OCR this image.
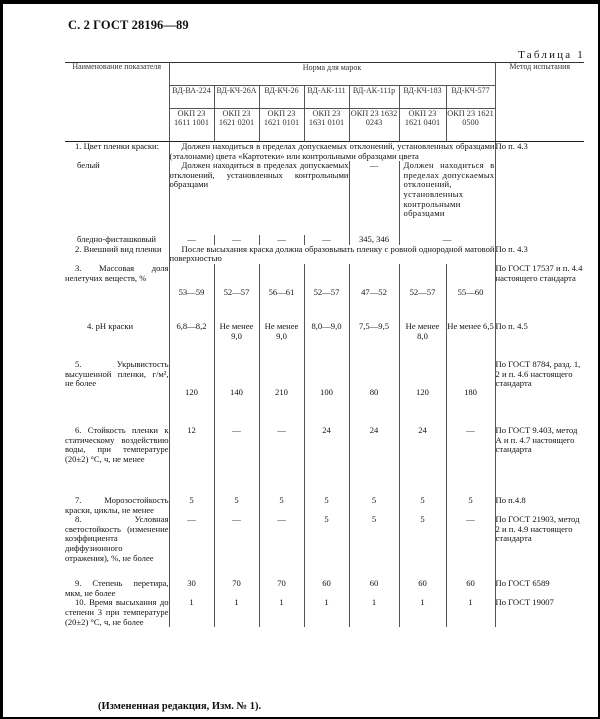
С. 2 ГОСТ 28196—89
Таблица 1
Наименование показателя	Норма для марок							Метод испытания
	ВД-ВА-224	ВД-КЧ-26А	ВД-КЧ-26	ВД-АК-111	ВД-АК-111р	ВД-КЧ-183	ВД-КЧ-577	
	ОКП 23 1611 1001	ОКП 23 1621 0201	ОКП 23 1621 0101	ОКП 23 1631 0101	ОКП 23 1632 0243	ОКП 23 1621 0401	ОКП 23 1621 0500	
1. Цвет пленки краски:	Должен находиться в пределах допускаемых отклонений, установленных образцами (эталонами) цвета «Картотеки» или контрольными образцами цвета							По п. 4.3
белый	Должен находиться в пределах допускаемых отклонений, установленных контрольными образцами				—	Должен находиться в пределах допускаемых отклонений, установленных контрольными образцами		
бледно-фисташковый	—	—	—	—	345, 346	—		
2. Внешний вид пленки	После высыхания краска должна образовывать пленку с ровной однородной матовой поверхностью							По п. 4.3
3. Массовая доля нелетучих веществ, %	53—59	52—57	56—61	52—57	47—52	52—57	55—60	По ГОСТ 17537 и п. 4.4 настоящего стандарта
4. pH краски	6,8—8,2	Не менее 9,0	Не менее 9,0	8,0—9,0	7,5—9,5	Не менее 8,0	Не менее 6,5	По п. 4.5
5. Укрывистость высушенной пленки, г/м², не более	120	140	210	100	80	120	180	По ГОСТ 8784, разд. 1, 2 и п. 4.6 настоящего стандарта
6. Стойкость пленки к статическому воздействию воды, при температуре (20±2) °С, ч, не менее	12	—	—	24	24	24	—	По ГОСТ 9.403, метод А и п. 4.7 настоящего стандарта
7. Морозостойкость краски, циклы, не менее	5	5	5	5	5	5	5	По п.4.8
8. Условная светостойкость (изменение коэффициента диффузионного отражения), %, не более	—	—	—	5	5	5	—	По ГОСТ 21903, метод 2 и п. 4.9 настоящего стандарта
9. Степень перетира, мкм, не более	30	70	70	60	60	60	60	По ГОСТ 6589
10. Время высыхания до степени 3 при температуре (20±2) °С, ч, не более	1	1	1	1	1	1	1	По ГОСТ 19007
(Измененная редакция, Изм. № 1).
